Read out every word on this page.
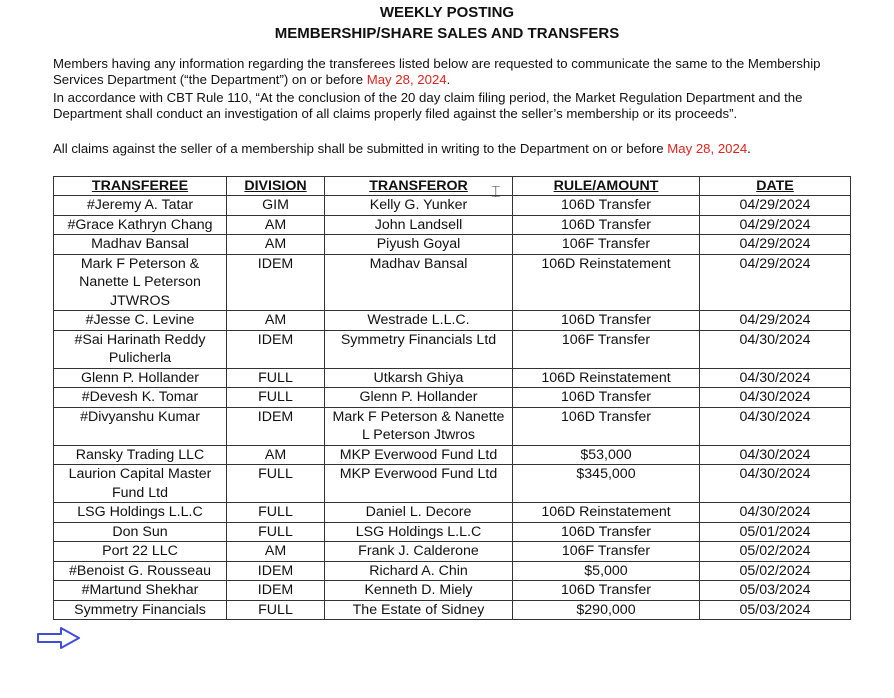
WEEKLY POSTING
MEMBERSHIP/SHARE SALES AND TRANSFERS
Members having any information regarding the transferees listed below are requested to communicate the same to the Membership Services Department (“the Department”) on or before May 28, 2024.
In accordance with CBT Rule 110, “At the conclusion of the 20 day claim filing period, the Market Regulation Department and the Department shall conduct an investigation of all claims properly filed against the seller’s membership or its proceeds”.
All claims against the seller of a membership shall be submitted in writing to the Department on or before May 28, 2024.
TRANSFEREE	DIVISION	TRANSFEROR	RULE/AMOUNT	DATE
#Jeremy A. Tatar	GIM	Kelly G. Yunker	106D Transfer	04/29/2024
#Grace Kathryn Chang	AM	John Landsell	106D Transfer	04/29/2024
Madhav Bansal	AM	Piyush Goyal	106F Transfer	04/29/2024
Mark F Peterson & Nanette L Peterson JTWROS	IDEM	Madhav Bansal	106D Reinstatement	04/29/2024
#Jesse C. Levine	AM	Westrade L.L.C.	106D Transfer	04/29/2024
#Sai Harinath Reddy Pulicherla	IDEM	Symmetry Financials Ltd	106F Transfer	04/30/2024
Glenn P. Hollander	FULL	Utkarsh Ghiya	106D Reinstatement	04/30/2024
#Devesh K. Tomar	FULL	Glenn P. Hollander	106D Transfer	04/30/2024
#Divyanshu Kumar	IDEM	Mark F Peterson & Nanette L Peterson Jtwros	106D Transfer	04/30/2024
Ransky Trading LLC	AM	MKP Everwood Fund Ltd	$53,000	04/30/2024
Laurion Capital Master Fund Ltd	FULL	MKP Everwood Fund Ltd	$345,000	04/30/2024
LSG Holdings L.L.C	FULL	Daniel L. Decore	106D Reinstatement	04/30/2024
Don Sun	FULL	LSG Holdings L.L.C	106D Transfer	05/01/2024
Port 22 LLC	AM	Frank J. Calderone	106F Transfer	05/02/2024
#Benoist G. Rousseau	IDEM	Richard A. Chin	$5,000	05/02/2024
#Martund Shekhar	IDEM	Kenneth D. Miely	106D Transfer	05/03/2024
Symmetry Financials	FULL	The Estate of Sidney	$290,000	05/03/2024
⌶
